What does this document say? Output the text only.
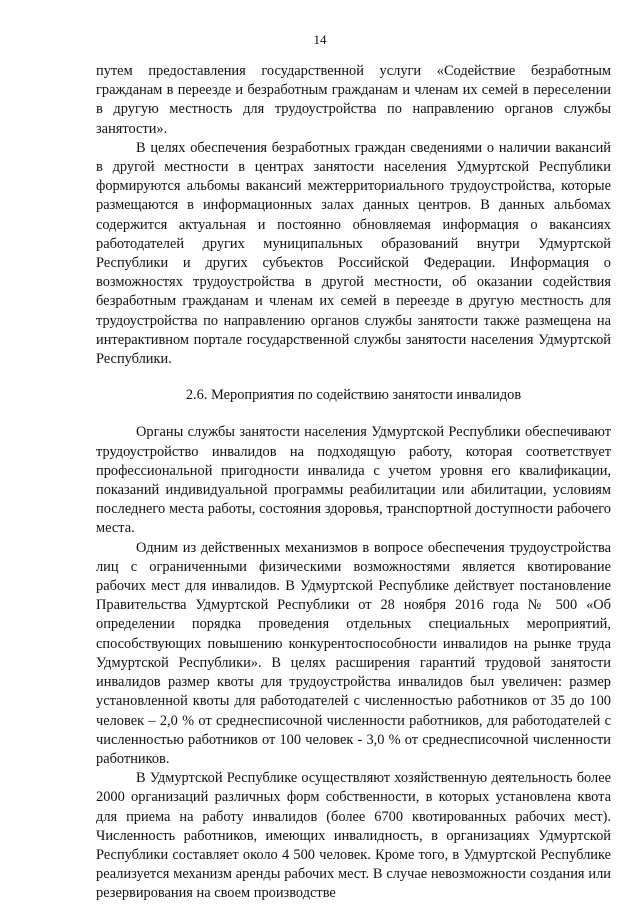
14

путем предоставления государственной услуги «Содействие безработным гражданам в переезде и безработным гражданам и членам их семей в переселении в другую местность для трудоустройства по направлению органов службы занятости».

В целях обеспечения безработных граждан сведениями о наличии вакансий в другой местности в центрах занятости населения Удмуртской Республики формируются альбомы вакансий межтерриториального трудоустройства, которые размещаются в информационных залах данных центров. В данных альбомах содержится актуальная и постоянно обновляемая информация о вакансиях работодателей других муниципальных образований внутри Удмуртской Республики и других субъектов Российской Федерации. Информация о возможностях трудоустройства в другой местности, об оказании содействия безработным гражданам и членам их семей в переезде в другую местность для трудоустройства по направлению органов службы занятости также размещена на интерактивном портале государственной службы занятости населения Удмуртской Республики.

2.6. Мероприятия по содействию занятости инвалидов

Органы службы занятости населения Удмуртской Республики обеспечивают трудоустройство инвалидов на подходящую работу, которая соответствует профессиональной пригодности инвалида с учетом уровня его квалификации, показаний индивидуальной программы реабилитации или абилитации, условиям последнего места работы, состояния здоровья, транспортной доступности рабочего места.

Одним из действенных механизмов в вопросе обеспечения трудоустройства лиц с ограниченными физическими возможностями является квотирование рабочих мест для инвалидов. В Удмуртской Республике действует постановление Правительства Удмуртской Республики от 28 ноября 2016 года № 500 «Об определении порядка проведения отдельных специальных мероприятий, способствующих повышению конкурентоспособности инвалидов на рынке труда Удмуртской Республики». В целях расширения гарантий трудовой занятости инвалидов размер квоты для трудоустройства инвалидов был увеличен: размер установленной квоты для работодателей с численностью работников от 35 до 100 человек – 2,0 % от среднесписочной численности работников, для работодателей с численностью работников от 100 человек - 3,0 % от среднесписочной численности работников.

В Удмуртской Республике осуществляют хозяйственную деятельность более 2000 организаций различных форм собственности, в которых установлена квота для приема на работу инвалидов (более 6700 квотированных рабочих мест). Численность работников, имеющих инвалидность, в организациях Удмуртской Республики составляет около 4 500 человек. Кроме того, в Удмуртской Республике реализуется механизм аренды рабочих мест. В случае невозможности создания или резервирования на своем производстве
